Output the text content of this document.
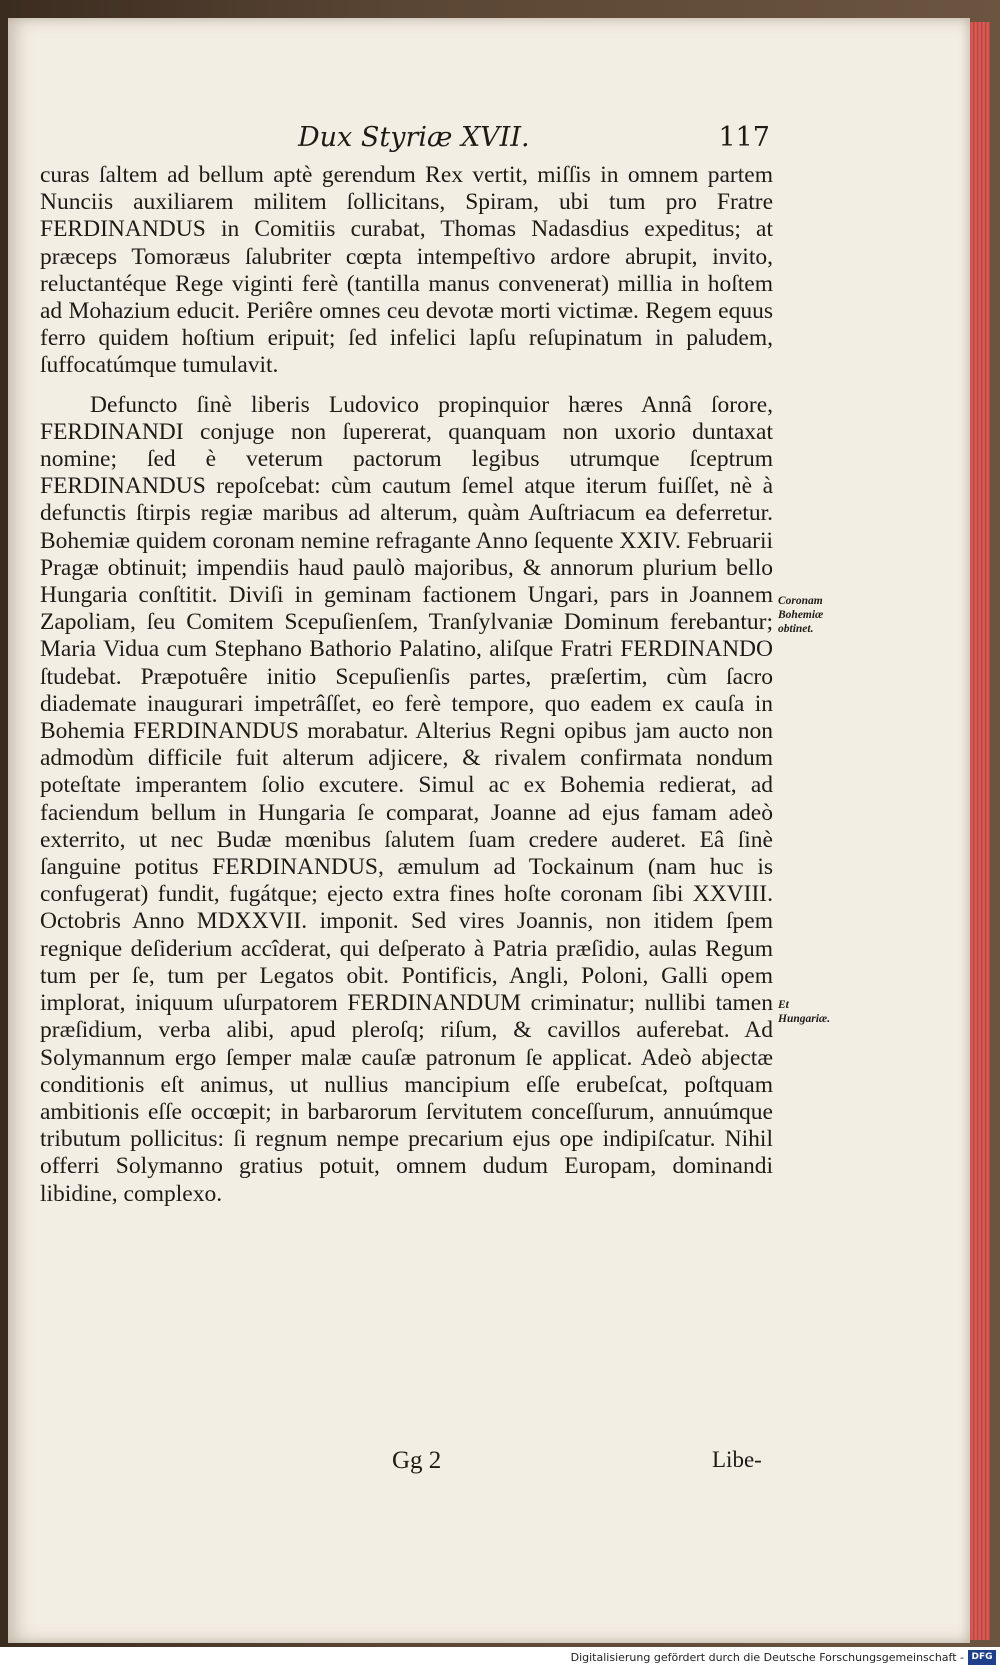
Dux Styriæ XVII.	117

curas ſaltem ad bellum aptè gerendum Rex vertit, miſſis in omnem partem Nunciis auxiliarem militem ſollicitans, Spiram, ubi tum pro Fratre FERDINANDUS in Comitiis curabat, Thomas Nadasdius expeditus; at præceps Tomoræus ſalubriter cœpta intempeſtivo ardore abrupit, invito, reluctantéque Rege viginti ferè (tantilla manus convenerat) millia in hoſtem ad Mohazium educit. Periêre omnes ceu devotæ morti victimæ. Regem equus ferro quidem hoſtium eripuit; ſed infelici lapſu reſupinatum in paludem, ſuffocatúmque tumulavit.

Defuncto ſinè liberis Ludovico propinquior hæres Annâ ſorore, FERDINANDI conjuge non ſupererat, quanquam non uxorio duntaxat nomine; ſed è veterum pactorum legibus utrumque ſceptrum FERDINANDUS repoſcebat: cùm cautum ſemel atque iterum fuiſſet, nè à defunctis ſtirpis regiæ maribus ad alterum, quàm Auſtriacum ea deferretur. Bohemiæ quidem coronam nemine refragante Anno ſequente XXIV. Februarii Pragæ obtinuit; impendiis haud paulò majoribus, & annorum plurium bello Hungaria conſtitit. Diviſi in geminam factionem Ungari, pars in Joannem Zapoliam, ſeu Comitem Scepuſienſem, Tranſylvaniæ Dominum ferebantur; Maria Vidua cum Stephano Bathorio Palatino, aliſque Fratri FERDINANDO ſtudebat. Præpotuêre initio Scepuſienſis partes, præſertim, cùm ſacro diademate inaugurari impetrâſſet, eo ferè tempore, quo eadem ex cauſa in Bohemia FERDINANDUS morabatur. Alterius Regni opibus jam aucto non admodùm difficile fuit alterum adjicere, & rivalem confirmata nondum poteſtate imperantem ſolio excutere. Simul ac ex Bohemia redierat, ad faciendum bellum in Hungaria ſe comparat, Joanne ad ejus famam adeò exterrito, ut nec Budæ mœnibus ſalutem ſuam credere auderet. Eâ ſinè ſanguine potitus FERDINANDUS, æmulum ad Tockainum (nam huc is confugerat) fundit, fugátque; ejecto extra fines hoſte coronam ſibi XXVIII. Octobris Anno MDXXVII. imponit. Sed vires Joannis, non itidem ſpem regnique deſiderium accîderat, qui deſperato à Patria præſidio, aulas Regum tum per ſe, tum per Legatos obit. Pontificis, Angli, Poloni, Galli opem implorat, iniquum uſurpatorem FERDINANDUM criminatur; nullibi tamen præſidium, verba alibi, apud pleroſq; riſum, & cavillos auferebat. Ad Solymannum ergo ſemper malæ cauſæ patronum ſe applicat. Adeò abjectæ conditionis eſt animus, ut nullius mancipium eſſe erubeſcat, poſtquam ambitionis eſſe occœpit; in barbarorum ſervitutem conceſſurum, annuúmque tributum pollicitus: ſi regnum nempe precarium ejus ope indipiſcatur. Nihil offerri Solymanno gratius potuit, omnem dudum Europam, dominandi libidine, complexo.

Coronam Bohemiæ obtinet.
Et Hungariæ.
Gg 2	Libe-
Digitalisierung gefördert durch die Deutsche Forschungsgemeinschaft - DFG
